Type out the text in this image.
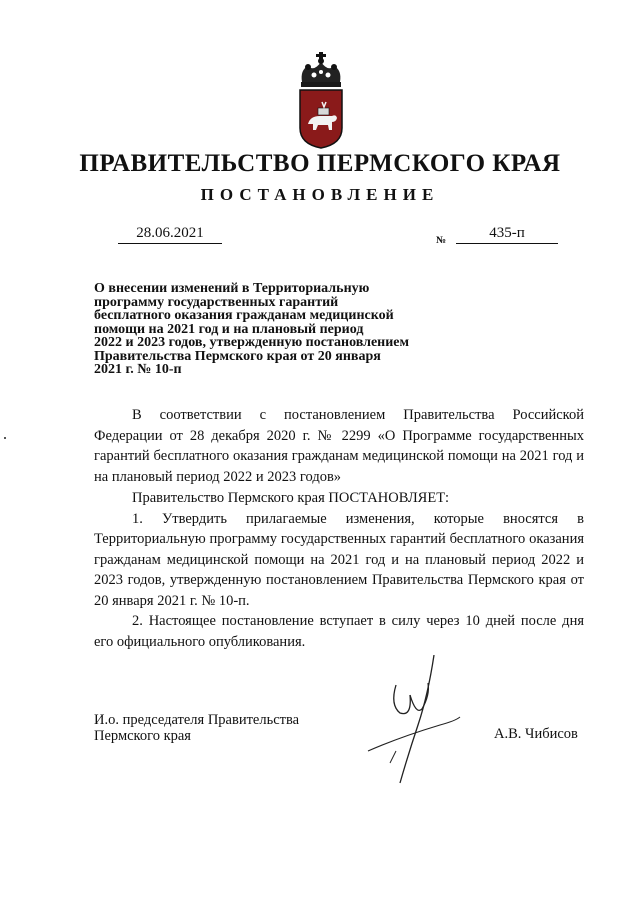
ПРАВИТЕЛЬСТВО ПЕРМСКОГО КРАЯ
ПОСТАНОВЛЕНИЕ
28.06.2021	№	435-п
О внесении изменений в Территориальную
программу государственных гарантий
бесплатного оказания гражданам медицинской
помощи на 2021 год и на плановый период
2022 и 2023 годов, утвержденную постановлением
Правительства Пермского края от 20 января
2021 г. № 10-п

В соответствии с постановлением Правительства Российской Федерации от 28 декабря 2020 г. № 2299 «О Программе государственных гарантий бесплатного оказания гражданам медицинской помощи на 2021 год и на плановый период 2022 и 2023 годов»

Правительство Пермского края ПОСТАНОВЛЯЕТ:

1. Утвердить прилагаемые изменения, которые вносятся в Территориальную программу государственных гарантий бесплатного оказания гражданам медицинской помощи на 2021 год и на плановый период 2022 и 2023 годов, утвержденную постановлением Правительства Пермского края от 20 января 2021 г. № 10-п.

2. Настоящее постановление вступает в силу через 10 дней после дня его официального опубликования.

И.о. председателя Правительства
Пермского края	А.В. Чибисов
